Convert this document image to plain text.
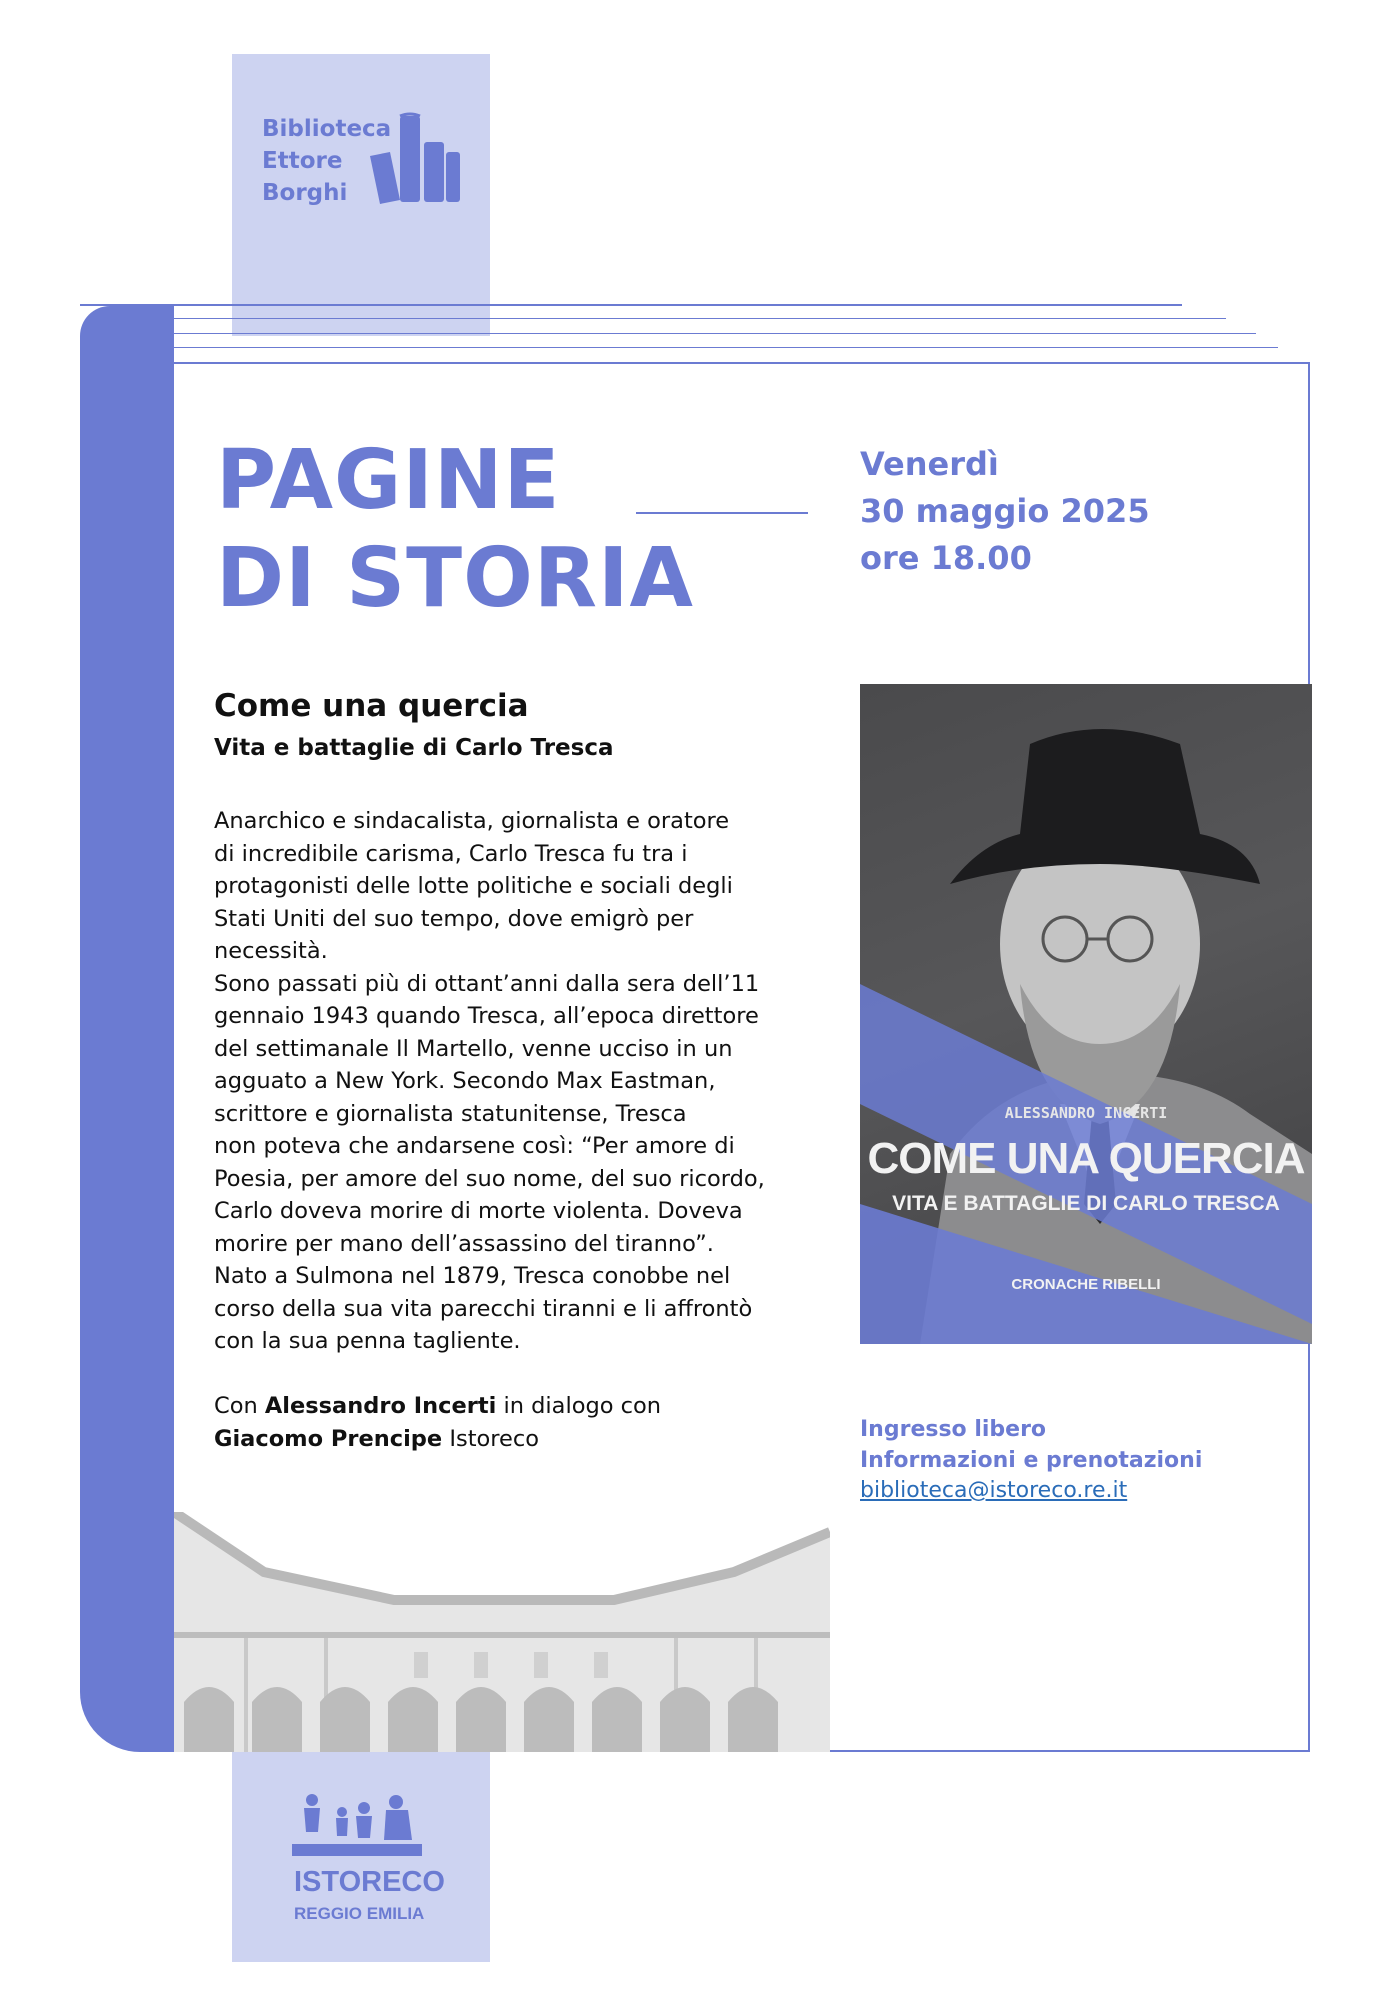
Biblioteca
Ettore
Borghi
PAGINE
DI STORIA
Venerdì
30 maggio 2025
ore 18.00
Come una quercia
Vita e battaglie di Carlo Tresca

Anarchico e sindacalista, giornalista e oratore

di incredibile carisma, Carlo Tresca fu tra i

protagonisti delle lotte politiche e sociali degli

Stati Uniti del suo tempo, dove emigrò per

necessità.

Sono passati più di ottant’anni dalla sera dell’11

gennaio 1943 quando Tresca, all’epoca direttore

del settimanale Il Martello, venne ucciso in un

agguato a New York. Secondo Max Eastman,

scrittore e giornalista statunitense, Tresca

non poteva che andarsene così: “Per amore di

Poesia, per amore del suo nome, del suo ricordo,

Carlo doveva morire di morte violenta. Doveva

morire per mano dell’assassino del tiranno”.

Nato a Sulmona nel 1879, Tresca conobbe nel

corso della sua vita parecchi tiranni e li affrontò

con la sua penna tagliente.

Con Alessandro Incerti in dialogo con
Giacomo Prencipe Istoreco
ALESSANDRO INCERTI
COME UNA QUERCIA
VITA E BATTAGLIE DI CARLO TRESCA
CRONACHE RIBELLI
Ingresso libero
Informazioni e prenotazioni
biblioteca@istoreco.re.it
ISTORECO
REGGIO EMILIA
